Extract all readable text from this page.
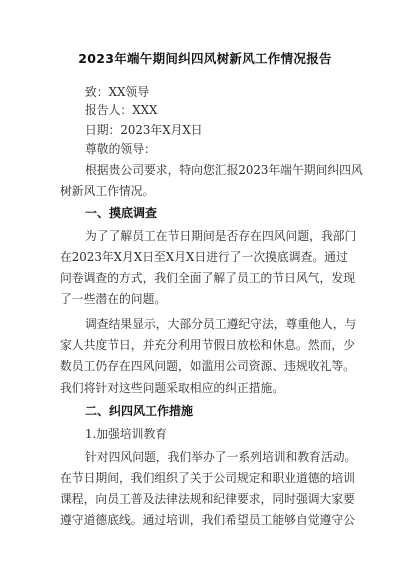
2023年端午期间纠四风树新风工作情况报告
致：XX领导
报告人：XXX
日期：2023年X月X日
尊敬的领导：
根据贵公司要求，特向您汇报2023年端午期间纠四风
树新风工作情况。
一、摸底调查
为了了解员工在节日期间是否存在四风问题，我部门
在2023年X月X日至X月X日进行了一次摸底调查。通过
问卷调查的方式，我们全面了解了员工的节日风气，发现
了一些潜在的问题。
调查结果显示，大部分员工遵纪守法，尊重他人，与
家人共度节日，并充分利用节假日放松和休息。然而，少
数员工仍存在四风问题，如滥用公司资源、违规收礼等。
我们将针对这些问题采取相应的纠正措施。
二、纠四风工作措施
1.加强培训教育
针对四风问题，我们举办了一系列培训和教育活动。
在节日期间，我们组织了关于公司规定和职业道德的培训
课程，向员工普及法律法规和纪律要求，同时强调大家要
遵守道德底线。通过培训，我们希望员工能够自觉遵守公
